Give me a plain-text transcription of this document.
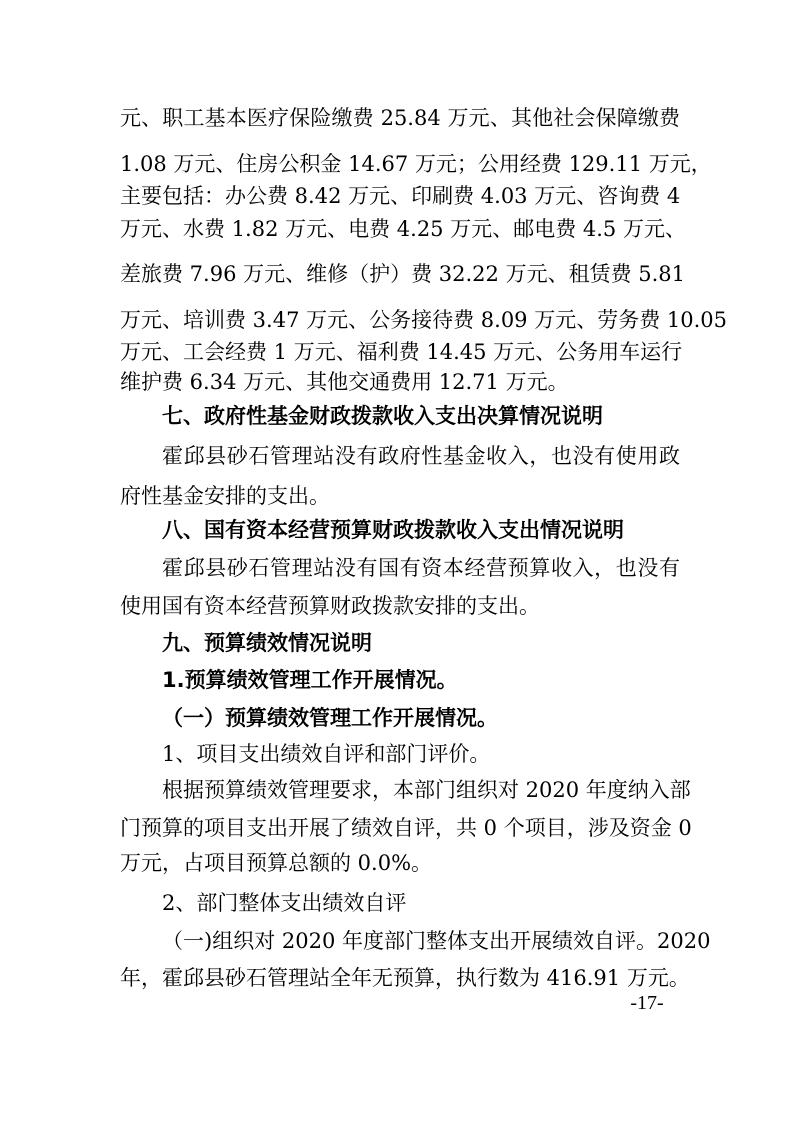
元、职工基本医疗保险缴费 25.84 万元、其他社会保障缴费
1.08 万元、住房公积金 14.67 万元；公用经费 129.11 万元，
主要包括：办公费 8.42 万元、印刷费 4.03 万元、咨询费 4
万元、水费 1.82 万元、电费 4.25 万元、邮电费 4.5 万元、
差旅费 7.96 万元、维修（护）费 32.22 万元、租赁费 5.81
万元、培训费 3.47 万元、公务接待费 8.09 万元、劳务费 10.05
万元、工会经费 1 万元、福利费 14.45 万元、公务用车运行
维护费 6.34 万元、其他交通费用 12.71 万元。
七、政府性基金财政拨款收入支出决算情况说明
霍邱县砂石管理站没有政府性基金收入，也没有使用政
府性基金安排的支出。
八、国有资本经营预算财政拨款收入支出情况说明
霍邱县砂石管理站没有国有资本经营预算收入，也没有
使用国有资本经营预算财政拨款安排的支出。
九、预算绩效情况说明
1.预算绩效管理工作开展情况。
（一）预算绩效管理工作开展情况。
1、项目支出绩效自评和部门评价。
根据预算绩效管理要求，本部门组织对 2020 年度纳入部
门预算的项目支出开展了绩效自评，共 0 个项目，涉及资金 0
万元，占项目预算总额的 0.0%。
2、部门整体支出绩效自评
（一)组织对 2020 年度部门整体支出开展绩效自评。2020
年，霍邱县砂石管理站全年无预算，执行数为 416.91 万元。
-17-
